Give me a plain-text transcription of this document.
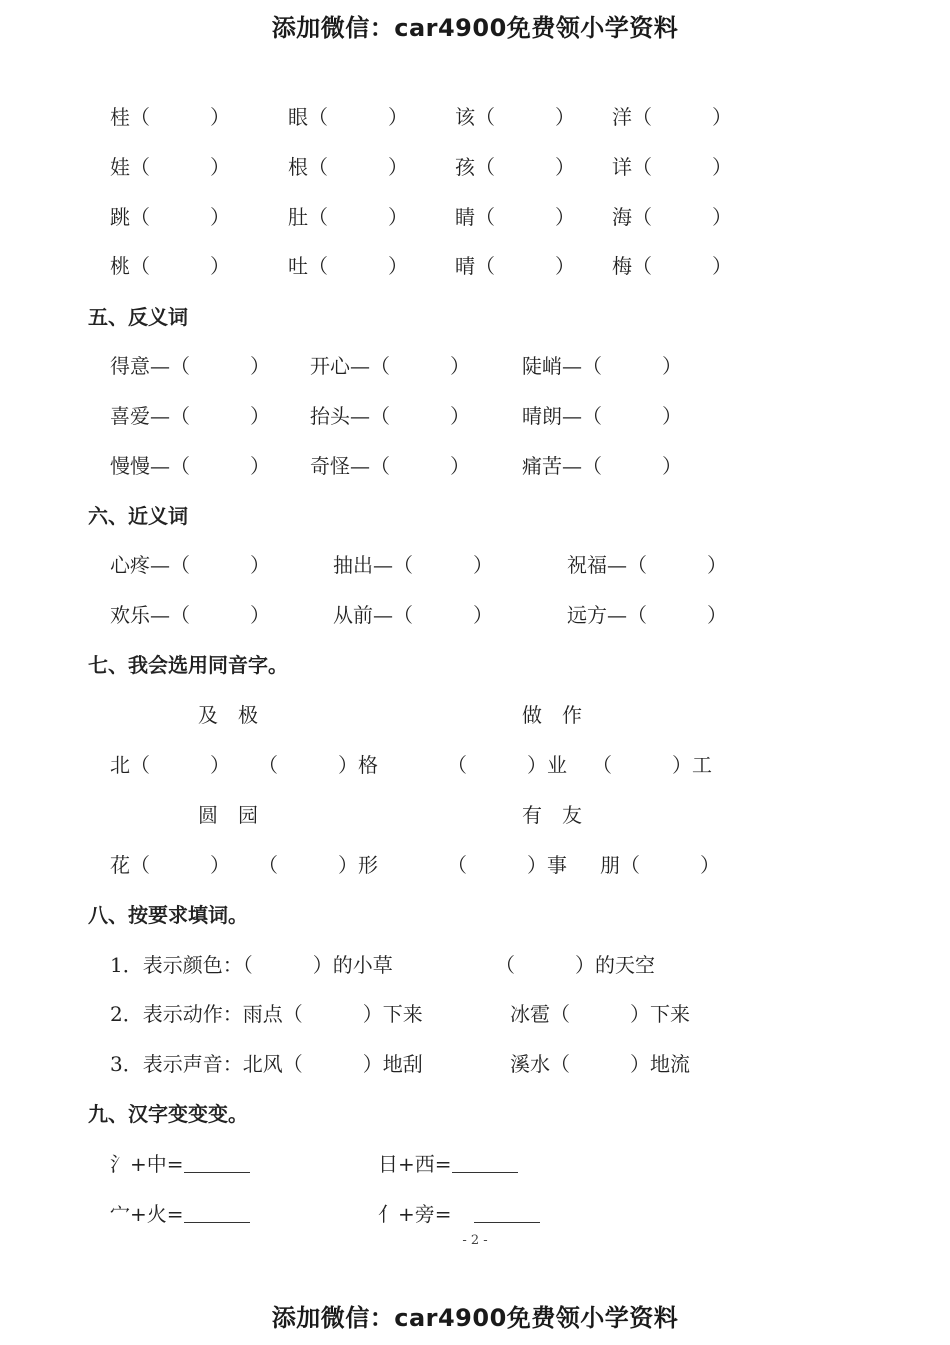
添加微信：car4900免费领小学资料
桂（　　　）	眼（　　　） 该（　　　） 洋（　　　）
娃（　　　）	根（　　　） 孩（　　　） 详（　　　）
跳（　　　）	肚（　　　） 睛（　　　） 海（　　　）
桃（　　　）	吐（　　　） 晴（　　　） 梅（　　　）
五、反义词
得意—（　　　） 开心—（　　　）	陡峭—（　　　）
喜爱—（　　　） 抬头—（　　　）	晴朗—（　　　）
慢慢—（　　　） 奇怪—（　　　）	痛苦—（　　　）
六、近义词
心疼—（　　　）	抽出—（　　　）	祝福—（　　　）
欢乐—（　　　）	从前—（　　　）	远方—（　　　）
七、我会选用同音字。
及　极	做　作
北（　　　） （　　　）格	（　　　）业 （　　　）工
圆　园	有　友
花（　　　） （　　　）形	（　　　）事 朋（　　　）
八、按要求填词。
1．表示颜色：（　　　）的小草	（　　　）的天空
2．表示动作：雨点（　　　）下来	冰雹（　　　）下来
3．表示声音：北风（　　　）地刮	溪水（　　　）地流
九、汉字变变变。
氵+中=	日+西=
宀+火=	亻+旁=
- 2 -
添加微信：car4900免费领小学资料
